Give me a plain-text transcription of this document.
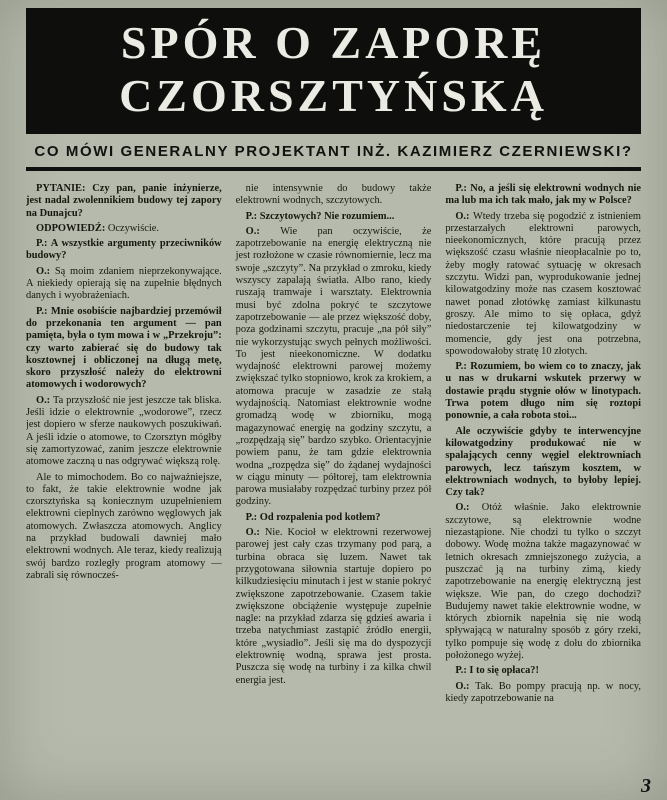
SPÓR O ZAPORĘ
CZORSZTYŃSKĄ
CO MÓWI GENERALNY PROJEKTANT INŻ. KAZIMIERZ CZERNIEWSKI?

PYTANIE: Czy pan, panie inżynierze, jest nadal zwolennikiem budowy tej zapory na Dunajcu?

ODPOWIEDŹ: Oczywiście.

P.: A wszystkie argumenty przeciwników budowy?

O.: Są moim zdaniem nieprzekonywające. A niekiedy opierają się na zupełnie błędnych danych i wyobrażeniach.

P.: Mnie osobiście najbardziej przemówił do przekonania ten argument — pan pamięta, była o tym mowa i w „Przekroju”: czy warto zabierać się do budowy tak kosztownej i obliczonej na długą metę, skoro przyszłość należy do elektrowni atomowych i wodorowych?

O.: Ta przyszłość nie jest jeszcze tak bliska. Jeśli idzie o elektrownie „wodorowe”, rzecz jest dopiero w sferze naukowych poszukiwań. A jeśli idzie o atomowe, to Czorsztyn mógłby się zamortyzować, zanim jeszcze elektrownie atomowe zaczną u nas odgrywać większą rolę.

Ale to mimochodem. Bo co najważniejsze, to fakt, że takie elektrownie wodne jak czorsztyńska są koniecznym uzupełnieniem elektrowni cieplnych zarówno węglowych jak atomowych. Zwłaszcza atomowych. Anglicy na przykład budowali dawniej mało elektrowni wodnych. Ale teraz, kiedy realizują swój bardzo rozległy program atomowy — zabrali się równocześ-

nie intensywnie do budowy także elektrowni wodnych, szczytowych.

P.: Szczytowych? Nie rozumiem...

O.: Wie pan oczywiście, że zapotrzebowanie na energię elektryczną nie jest rozłożone w czasie równomiernie, lecz ma swoje „szczyty”. Na przykład o zmroku, kiedy wszyscy zapalają światła. Albo rano, kiedy ruszają tramwaje i warsztaty. Elektrownia musi być zdolna pokryć te szczytowe zapotrzebowanie — ale przez większość doby, poza godzinami szczytu, pracuje „na pół siły” nie wykorzystując swych pełnych możliwości. To jest nieekonomiczne. W dodatku wydajność elektrowni parowej możemy zwiększać tylko stopniowo, krok za krokiem, a atomowa pracuje w zasadzie ze stałą wydajnością. Natomiast elektrownie wodne gromadzą wodę w zbiorniku, mogą magazynować energię na godziny szczytu, a „rozpędzają się” bardzo szybko. Orientacyjnie powiem panu, że tam gdzie elektrownia wodna „rozpędza się” do żądanej wydajności w ciągu minuty — półtorej, tam elektrownia parowa musiałaby rozpędzać turbiny przez pół godziny.

P.: Od rozpalenia pod kotłem?

O.: Nie. Kocioł w elektrowni rezerwowej parowej jest cały czas trzymany pod parą, a turbina obraca się luzem. Nawet tak przygotowana siłownia startuje dopiero po kilkudziesięciu minutach i jest w stanie pokryć zwiększone zapotrzebowanie. Czasem takie zwiększone obciążenie występuje zupełnie nagle: na przykład zdarza się gdzieś awaria i trzeba natychmiast zastąpić źródło energii, które „wysiadło”. Jeśli się ma do dyspozycji elektrownię wodną, sprawa jest prosta. Puszcza się wodę na turbiny i za kilka chwil energia jest.

P.: No, a jeśli się elektrowni wodnych nie ma lub ma ich tak mało, jak my w Polsce?

O.: Wtedy trzeba się pogodzić z istnieniem przestarzałych elektrowni parowych, nieekonomicznych, które pracują przez większość czasu właśnie nieopłacalnie po to, żeby mogły ratować sytuację w okresach szczytu. Widzi pan, wyprodukowanie jednej kilowatgodziny może nas czasem kosztować nawet ponad złotówkę zamiast kilkunastu groszy. Ale mimo to się opłaca, gdyż niedostarczenie tej kilowatgodziny w momencie, gdy jest ona potrzebna, spowodowałoby stratę 10 złotych.

P.: Rozumiem, bo wiem co to znaczy, jak u nas w drukarni wskutek przerwy w dostawie prądu stygnie ołów w linotypach. Trwa potem długo nim się roztopi ponownie, a cała robota stoi...

Ale oczywiście gdyby te interwencyjne kilowatgodziny produkować nie w spalających cenny węgiel elektrowniach parowych, lecz tańszym kosztem, w elektrowniach wodnych, to byłoby lepiej. Czy tak?

O.: Otóż właśnie. Jako elektrownie szczytowe, są elektrownie wodne niezastąpione. Nie chodzi tu tylko o szczyt dobowy. Wodę można także magazynować w letnich okresach zmniejszonego zużycia, a puszczać ją na turbiny zimą, kiedy zapotrzebowanie na energię elektryczną jest większe. Wie pan, do czego dochodzi? Budujemy nawet takie elektrownie wodne, w których zbiornik napełnia się nie wodą spływającą w naturalny sposób z góry rzeki, tylko pompuje się wodę z dołu do zbiornika położonego wyżej.

P.: I to się opłaca?!

O.: Tak. Bo pompy pracują np. w nocy, kiedy zapotrzebowanie na

3
